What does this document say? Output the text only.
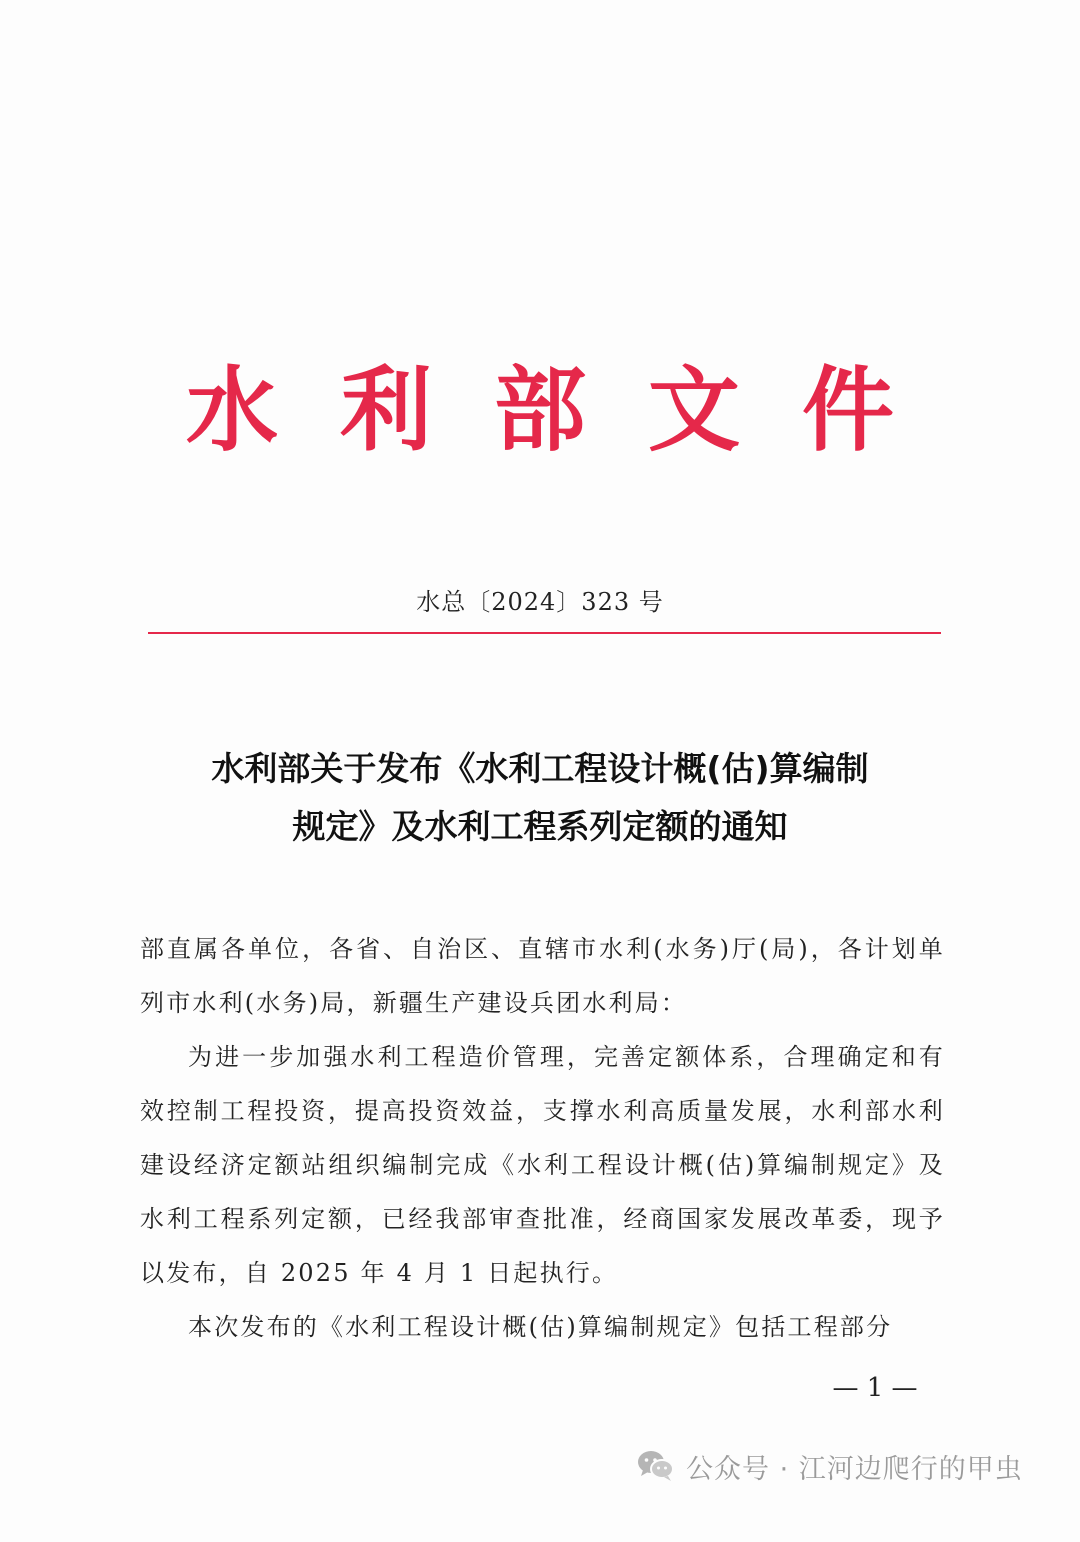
水利部文件
水总〔2024〕323 号
水利部关于发布《水利工程设计概(估)算编制
规定》及水利工程系列定额的通知

部直属各单位，各省、自治区、直辖市水利(水务)厅(局)，各计划单列市水利(水务)局，新疆生产建设兵团水利局：

为进一步加强水利工程造价管理，完善定额体系，合理确定和有效控制工程投资，提高投资效益，支撑水利高质量发展，水利部水利建设经济定额站组织编制完成《水利工程设计概(估)算编制规定》及水利工程系列定额，已经我部审查批准，经商国家发展改革委，现予以发布，自 2025 年 4 月 1 日起执行。

本次发布的《水利工程设计概(估)算编制规定》包括工程部分

— 1 —
公众号 · 江河边爬行的甲虫
